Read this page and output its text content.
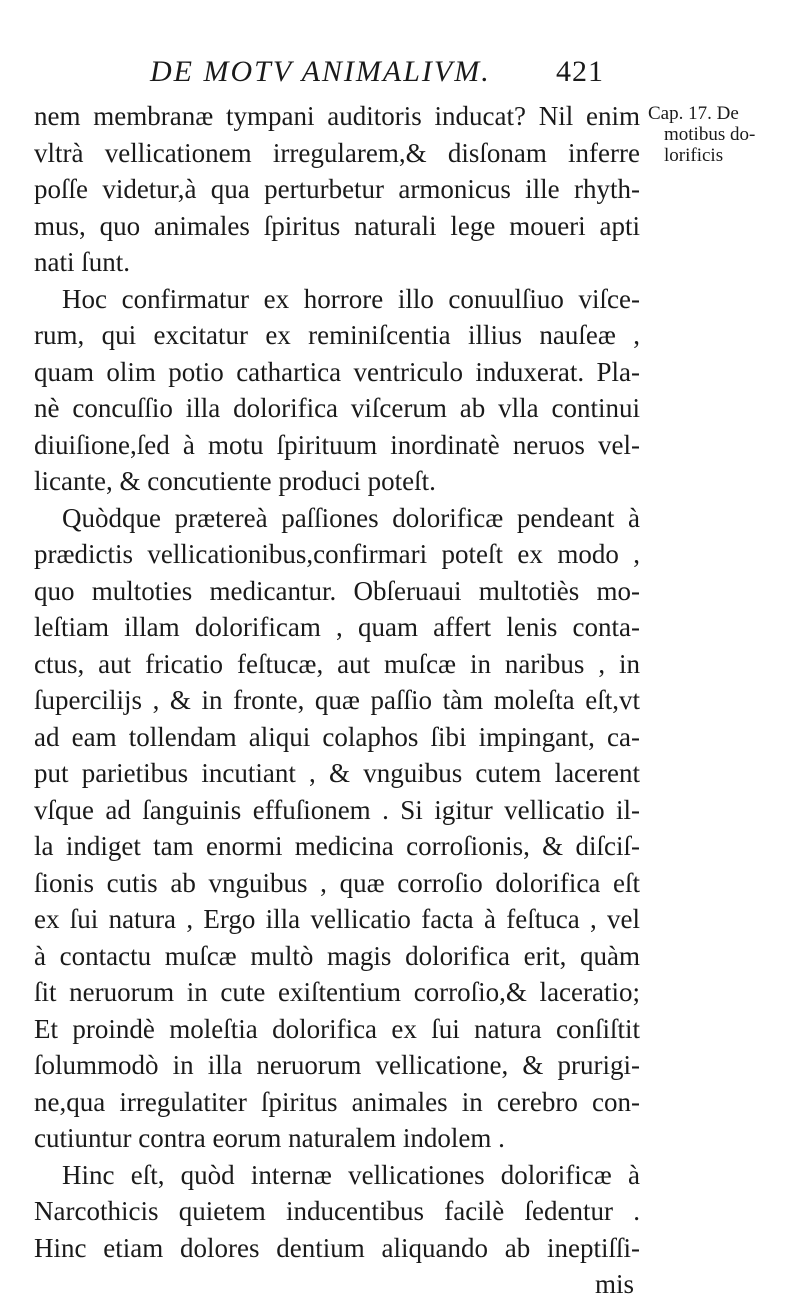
DE MOTV ANIMALIVM. 421
Cap. 17. De
motibus do-
lorificis
nem membranæ tympani auditoris inducat? Nil enim
vltrà vellicationem irregularem,& disſonam inferre
poſſe videtur,à qua perturbetur armonicus ille rhyth-
mus, quo animales ſpiritus naturali lege moueri apti
nati ſunt.
Hoc confirmatur ex horrore illo conuulſiuo viſce-
rum, qui excitatur ex reminiſcentia illius nauſeæ ,
quam olim potio cathartica ventriculo induxerat. Pla-
nè concuſſio illa dolorifica viſcerum ab vlla continui
diuiſione,ſed à motu ſpirituum inordinatè neruos vel-
licante, & concutiente produci poteſt.
Quòdque prætereà paſſiones dolorificæ pendeant à
prædictis vellicationibus,confirmari poteſt ex modo ,
quo multoties medicantur. Obſeruaui multotiès mo-
leſtiam illam dolorificam , quam affert lenis conta-
ctus, aut fricatio feſtucæ, aut muſcæ in naribus , in
ſupercilijs , & in fronte, quæ paſſio tàm moleſta eſt,vt
ad eam tollendam aliqui colaphos ſibi impingant, ca-
put parietibus incutiant , & vnguibus cutem lacerent
vſque ad ſanguinis effuſionem . Si igitur vellicatio il-
la indiget tam enormi medicina corroſionis, & diſciſ-
ſionis cutis ab vnguibus , quæ corroſio dolorifica eſt
ex ſui natura , Ergo illa vellicatio facta à feſtuca , vel
à contactu muſcæ multò magis dolorifica erit, quàm
ſit neruorum in cute exiſtentium corroſio,& laceratio;
Et proindè moleſtia dolorifica ex ſui natura conſiſtit
ſolummodò in illa neruorum vellicatione, & prurigi-
ne,qua irregulatiter ſpiritus animales in cerebro con-
cutiuntur contra eorum naturalem indolem .
Hinc eſt, quòd internæ vellicationes dolorificæ à
Narcothicis quietem inducentibus facilè ſedentur .
Hinc etiam dolores dentium aliquando ab ineptiſſi-
mis
